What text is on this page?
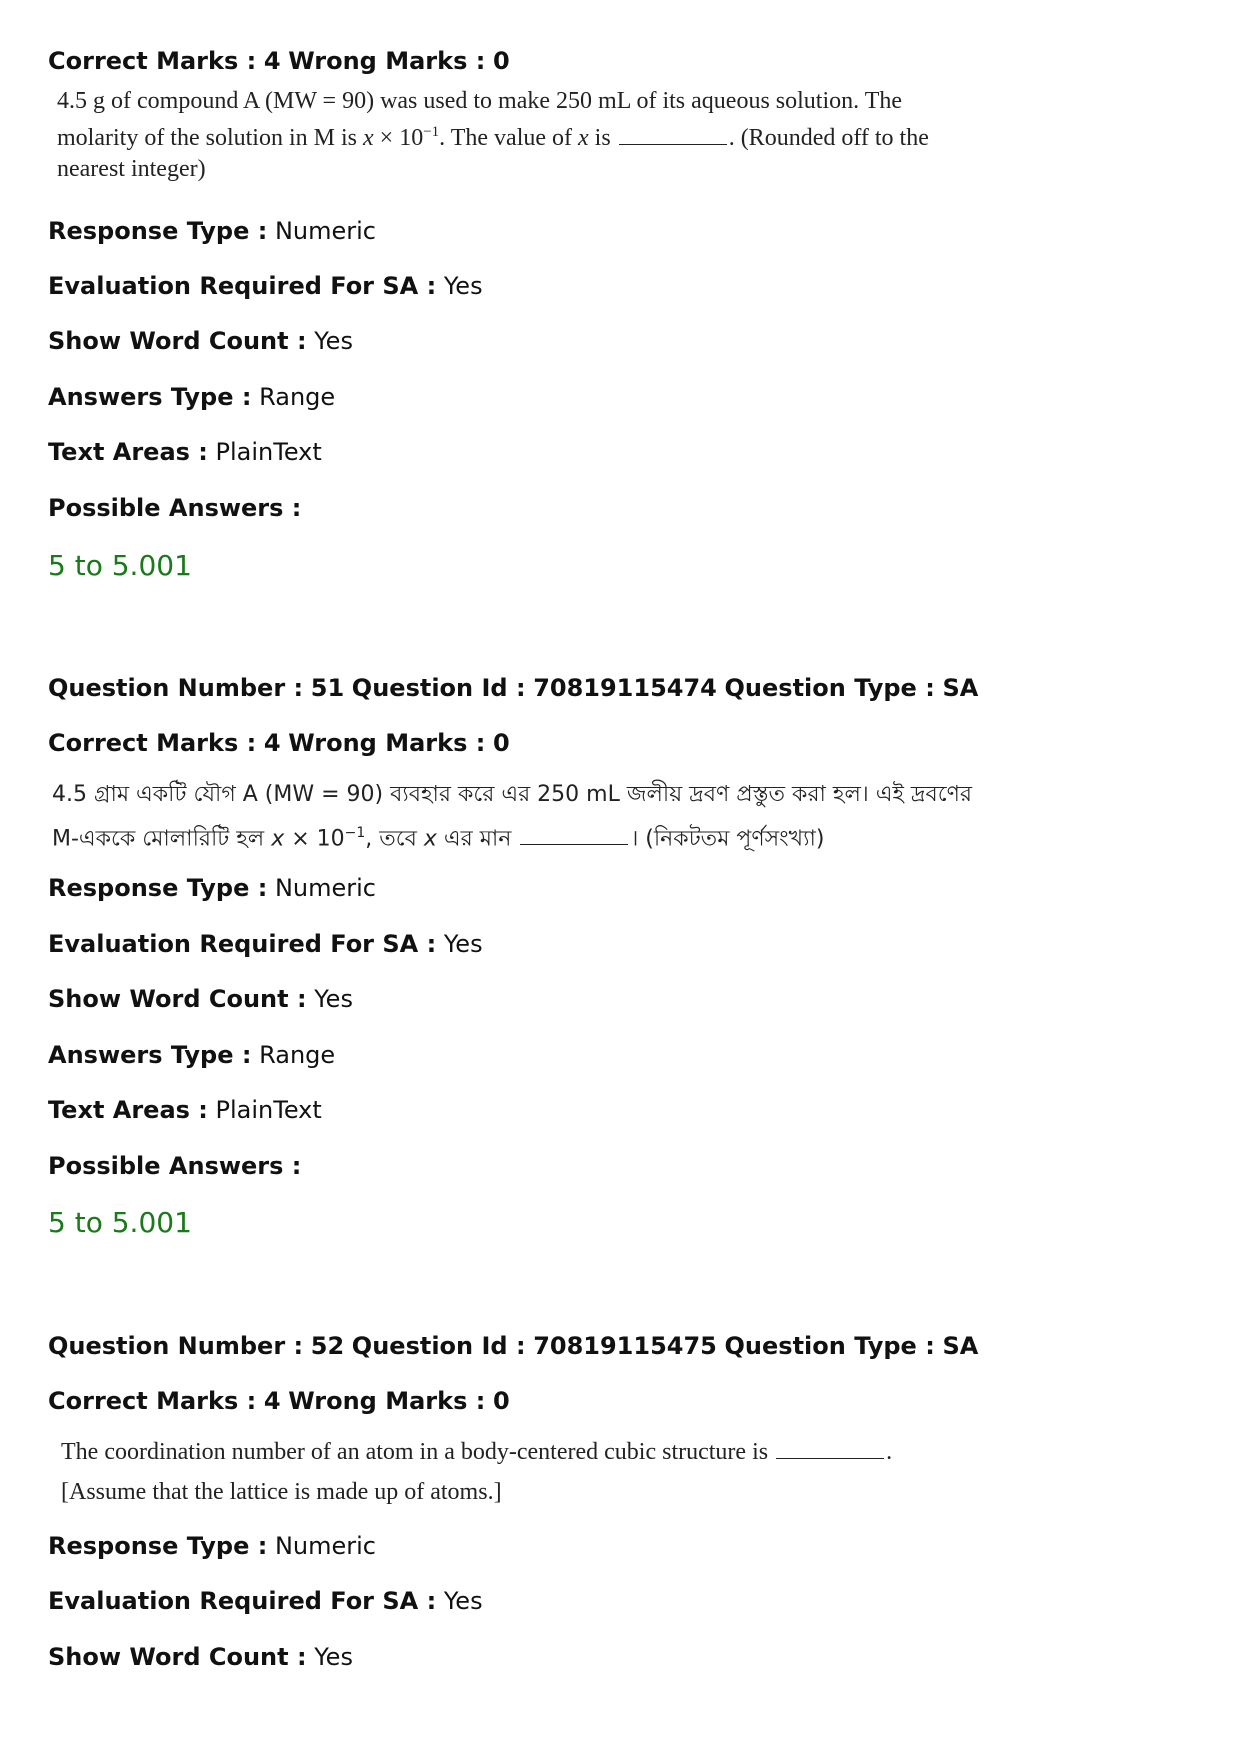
Correct Marks : 4 Wrong Marks : 0
4.5 g of compound A (MW = 90) was used to make 250 mL of its aqueous solution. The
molarity of the solution in M is $x \times 10^{-1}$. The value of x is	. (Rounded off to the
nearest integer)
Response Type : Numeric
Evaluation Required For SA : Yes
Show Word Count : Yes
Answers Type : Range
Text Areas : PlainText
Possible Answers :
5 to 5.001
Question Number : 51 Question Id : 70819115474 Question Type : SA
Correct Marks : 4 Wrong Marks : 0
4.5 গ্রাম একটি যৌগ A (MW = 90) ব্যবহার করে এর 250 mL জলীয় দ্রবণ প্রস্তুত করা হল। এই দ্রবণের
M-এককে মোলারিটি হল $x \times 10^{-1}$, তবে x এর মান	। (নিকটতম পূর্ণসংখ্যা)
Response Type : Numeric
Evaluation Required For SA : Yes
Show Word Count : Yes
Answers Type : Range
Text Areas : PlainText
Possible Answers :
5 to 5.001
Question Number : 52 Question Id : 70819115475 Question Type : SA
Correct Marks : 4 Wrong Marks : 0
The coordination number of an atom in a body-centered cubic structure is	.
[Assume that the lattice is made up of atoms.]
Response Type : Numeric
Evaluation Required For SA : Yes
Show Word Count : Yes
